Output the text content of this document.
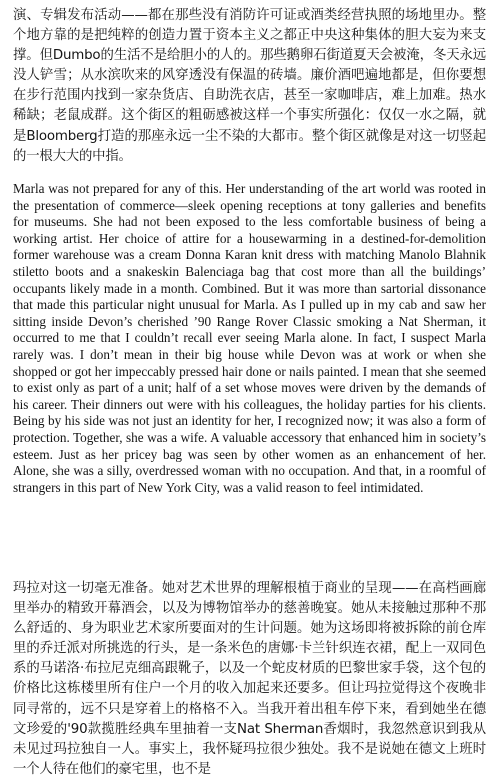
演、专辑发布活动——都在那些没有消防许可证或酒类经营执照的场地里办。整个地方靠的是把纯粹的创造力置于资本主义之都正中央这种集体的胆大妄为来支撑。但Dumbo的生活不是给胆小的人的。那些鹅卵石街道夏天会被淹，冬天永远没人铲雪；从水滨吹来的风穿透没有保温的砖墙。廉价酒吧遍地都是，但你要想在步行范围内找到一家杂货店、自助洗衣店，甚至一家咖啡店，难上加难。热水稀缺；老鼠成群。这个街区的粗砺感被这样一个事实所强化：仅仅一水之隔，就是Bloomberg打造的那座永远一尘不染的大都市。整个街区就像是对这一切竖起的一根大大的中指。

Marla was not prepared for any of this. Her understanding of the art world was rooted in the presentation of commerce—sleek opening receptions at tony galleries and benefits for museums. She had not been exposed to the less comfortable business of being a working artist. Her choice of attire for a housewarming in a destined-for-demolition former warehouse was a cream Donna Karan knit dress with matching Manolo Blahnik stiletto boots and a snakeskin Balenciaga bag that cost more than all the buildings’ occupants likely made in a month. Combined. But it was more than sartorial dissonance that made this particular night unusual for Marla. As I pulled up in my cab and saw her sitting inside Devon’s cherished ’90 Range Rover Classic smoking a Nat Sherman, it occurred to me that I couldn’t recall ever seeing Marla alone. In fact, I suspect Marla rarely was. I don’t mean in their big house while Devon was at work or when she shopped or got her impeccably pressed hair done or nails painted. I mean that she seemed to exist only as part of a unit; half of a set whose moves were driven by the demands of his career. Their dinners out were with his colleagues, the holiday parties for his clients. Being by his side was not just an identity for her, I recognized now; it was also a form of protection. Together, she was a wife. A valuable accessory that enhanced him in society’s esteem. Just as her pricey bag was seen by other women as an enhancement of her. Alone, she was a silly, overdressed woman with no occupation. And that, in a roomful of strangers in this part of New York City, was a valid reason to feel intimidated.

玛拉对这一切毫无准备。她对艺术世界的理解根植于商业的呈现——在高档画廊里举办的精致开幕酒会，以及为博物馆举办的慈善晚宴。她从未接触过那种不那么舒适的、身为职业艺术家所要面对的生计问题。她为这场即将被拆除的前仓库里的乔迁派对所挑选的行头，是一条米色的唐娜·卡兰针织连衣裙，配上一双同色系的马诺洛·布拉尼克细高跟靴子，以及一个蛇皮材质的巴黎世家手袋，这个包的价格比这栋楼里所有住户一个月的收入加起来还要多。但让玛拉觉得这个夜晚非同寻常的，远不只是穿着上的格格不入。当我开着出租车停下来，看到她坐在德文珍爱的'90款揽胜经典车里抽着一支Nat Sherman香烟时，我忽然意识到我从未见过玛拉独自一人。事实上，我怀疑玛拉很少独处。我不是说她在德文上班时一个人待在他们的豪宅里，也不是
